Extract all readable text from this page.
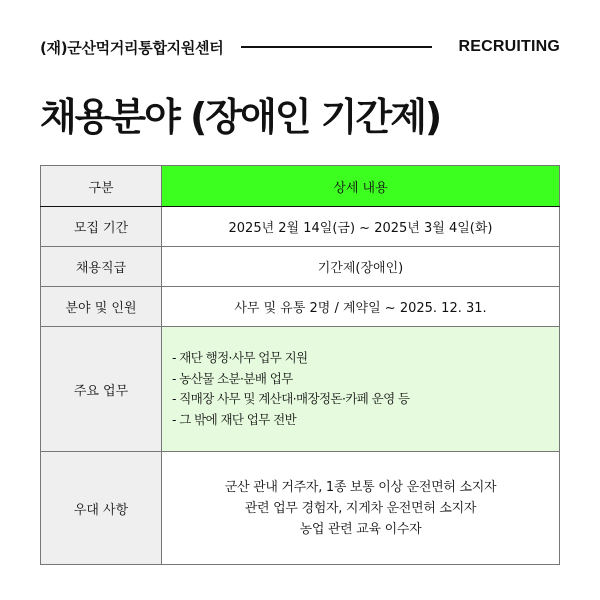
(재)군산먹거리통합지원센터	RECRUITING
채용분야 (장애인 기간제)
구분	상세 내용
모집 기간	2025년 2월 14일(금) ~ 2025년 3월 4일(화)
채용직급	기간제(장애인)
분야 및 인원	사무 및 유통 2명 / 계약일 ~ 2025. 12. 31.
주요 업무	- 재단 행정·사무 업무 지원
- 농산물 소분·분배 업무
- 직매장 사무 및 계산대·매장정돈·카페 운영 등
- 그 밖에 재단 업무 전반

우대 사항	군산 관내 거주자, 1종 보통 이상 운전면허 소지자
관련 업무 경험자, 지게차 운전면허 소지자
농업 관련 교육 이수자
